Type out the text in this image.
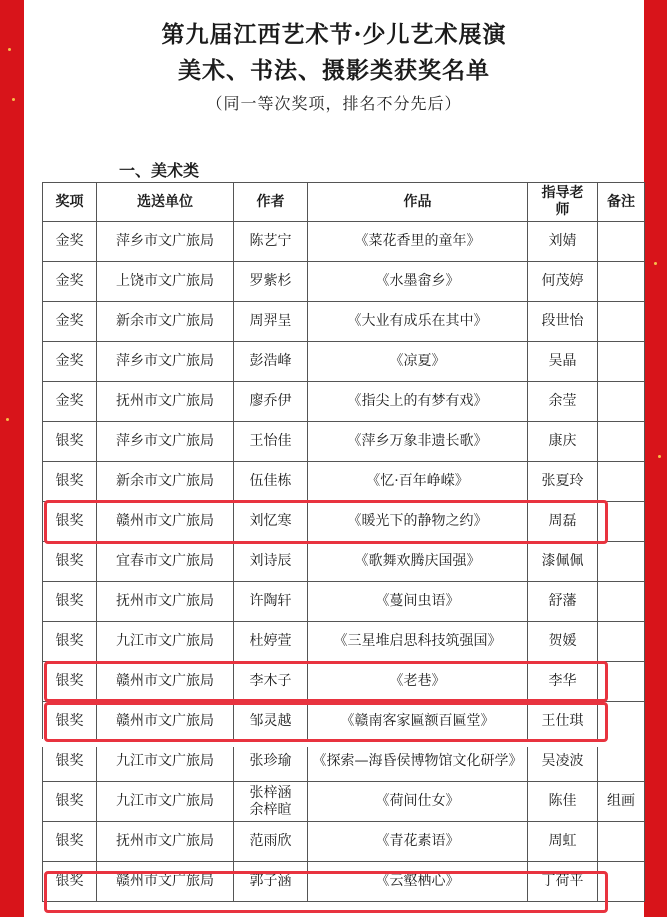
第九届江西艺术节·少儿艺术展演
美术、书法、摄影类获奖名单
（同一等次奖项，排名不分先后）
一、美术类
奖项	选送单位	作者	作品	指导老师	备注
金奖	萍乡市文广旅局	陈艺宁	《菜花香里的童年》	刘婧	
金奖	上饶市文广旅局	罗紫杉	《水墨畲乡》	何茂婷	
金奖	新余市文广旅局	周羿呈	《大业有成乐在其中》	段世怡	
金奖	萍乡市文广旅局	彭浩峰	《凉夏》	吴晶	
金奖	抚州市文广旅局	廖乔伊	《指尖上的有梦有戏》	余莹	
银奖	萍乡市文广旅局	王怡佳	《萍乡万象非遗长歌》	康庆	
银奖	新余市文广旅局	伍佳栋	《忆·百年峥嵘》	张夏玲	
银奖	赣州市文广旅局	刘忆寒	《暖光下的静物之约》	周磊	
银奖	宜春市文广旅局	刘诗辰	《歌舞欢腾庆国强》	漆佩佩	
银奖	抚州市文广旅局	许陶轩	《蔓间虫语》	舒藩	
银奖	九江市文广旅局	杜婷萱	《三星堆启思科技筑强国》	贺媛	
银奖	赣州市文广旅局	李木子	《老巷》	李华	
银奖	赣州市文广旅局	邹灵越	《赣南客家匾额百匾堂》	王仕琪	
银奖	九江市文广旅局	张珍瑜	《探索—海昏侯博物馆文化研学》	吴凌波	
银奖	九江市文广旅局	张梓涵 余梓暄	《荷间仕女》	陈佳	组画
银奖	抚州市文广旅局	范雨欣	《青花素语》	周虹	
银奖	赣州市文广旅局	郭子涵	《云壑栖心》	丁荷平	
